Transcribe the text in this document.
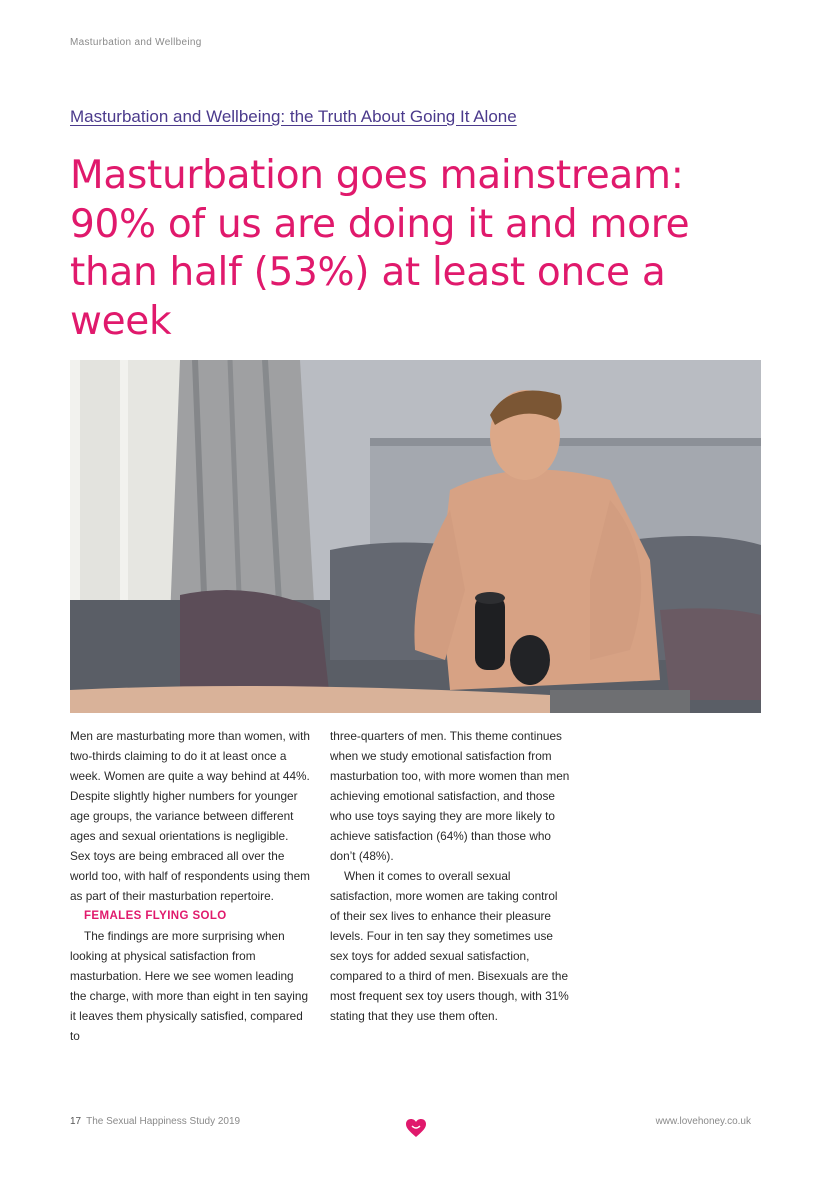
Masturbation and Wellbeing
Masturbation and Wellbeing: the Truth About Going It Alone
Masturbation goes mainstream: 90% of us are doing it and more than half (53%) at least once a week

Men are masturbating more than women, with two-thirds claiming to do it at least once a week. Women are quite a way behind at 44%. Despite slightly higher numbers for younger age groups, the variance between different ages and sexual orientations is negligible. Sex toys are being embraced all over the world too, with half of respondents using them as part of their masturbation repertoire.

FEMALES FLYING SOLO

The findings are more surprising when looking at physical satisfaction from masturbation. Here we see women leading the charge, with more than eight in ten saying it leaves them physically satisfied, compared to

three-quarters of men. This theme continues when we study emotional satisfaction from masturbation too, with more women than men achieving emotional satisfaction, and those who use toys saying they are more likely to achieve satisfaction (64%) than those who don’t (48%).

When it comes to overall sexual satisfaction, more women are taking control of their sex lives to enhance their pleasure levels. Four in ten say they sometimes use sex toys for added sexual satisfaction, compared to a third of men. Bisexuals are the most frequent sex toy users though, with 31% stating that they use them often.

17 The Sexual Happiness Study 2019	www.lovehoney.co.uk
